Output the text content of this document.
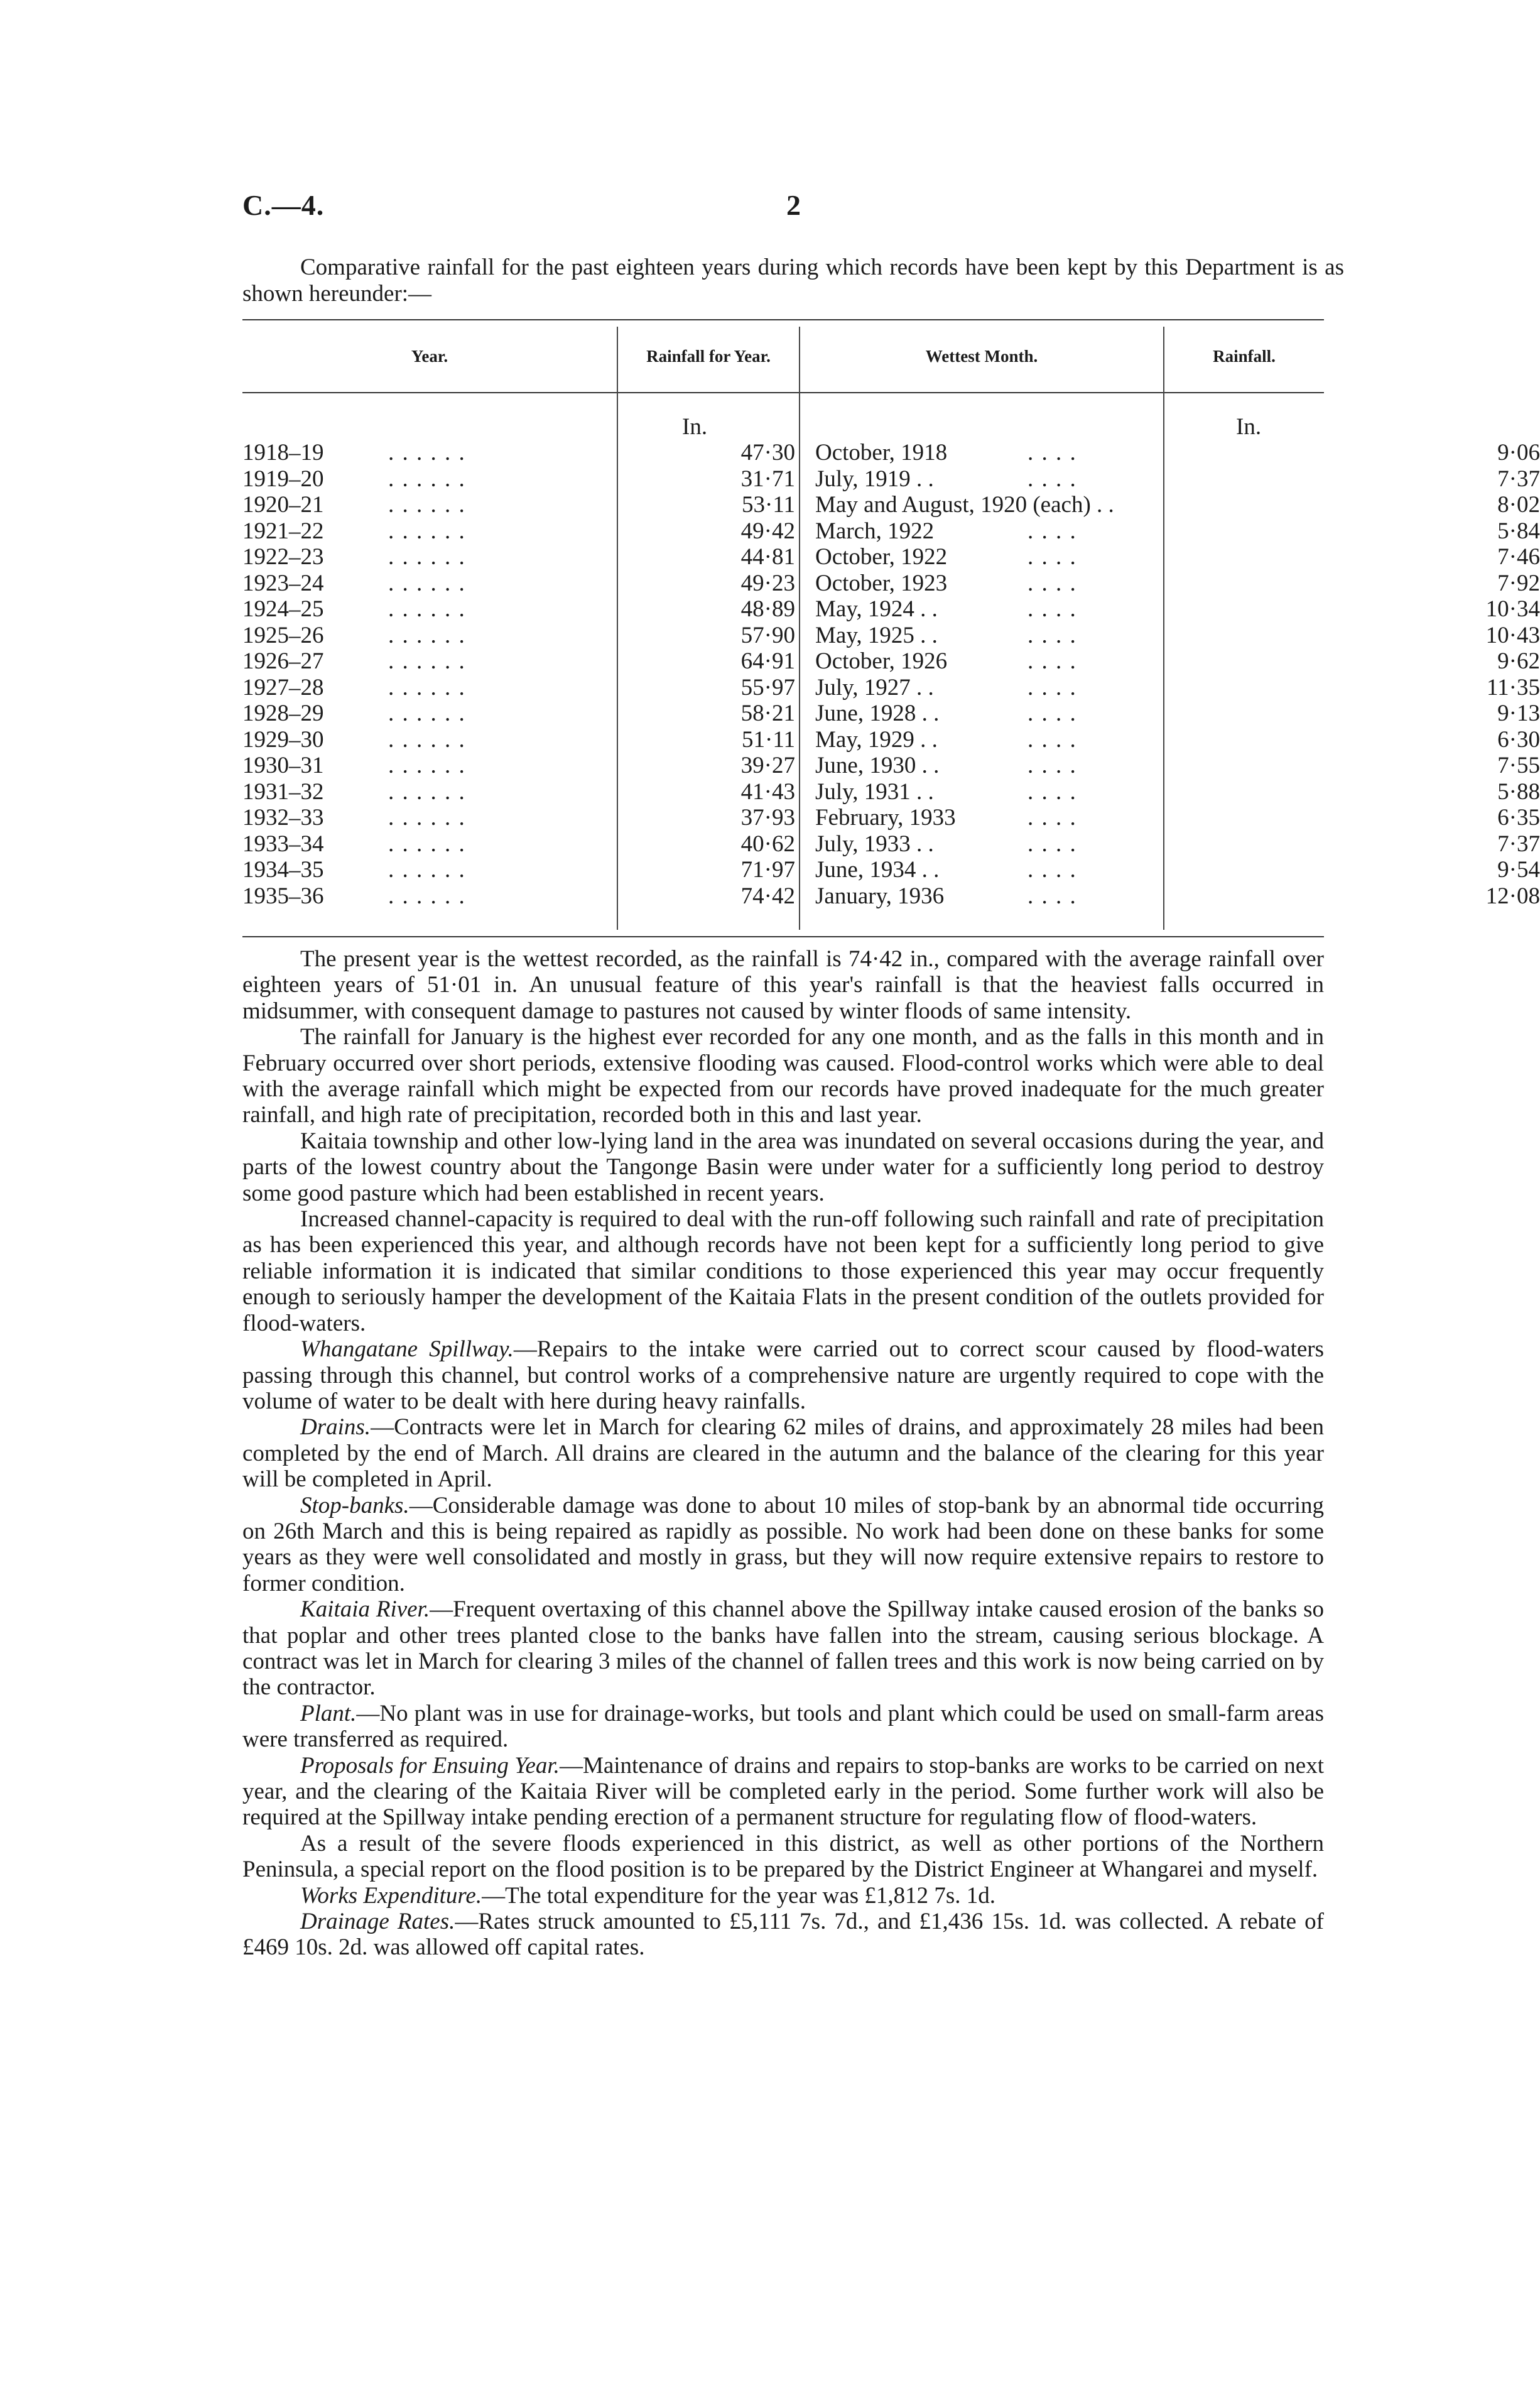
C.—4.	2
Comparative rainfall for the past eighteen years during which records have been kept by this Department is as shown hereunder:—
Year.	Rainfall for Year.	Wettest Month.	Rainfall.
In.	In.
1918–19	. . . . . .	47·30 October, 1918	. . . .	9·06
1919–20	. . . . . .	31·71 July, 1919 . .	. . . .	7·37
1920–21	. . . . . .	53·11 May and August, 1920 (each) . .	8·02
1921–22	. . . . . .	49·42 March, 1922	. . . .	5·84
1922–23	. . . . . .	44·81 October, 1922	. . . .	7·46
1923–24	. . . . . .	49·23 October, 1923	. . . .	7·92
1924–25	. . . . . .	48·89 May, 1924 . .	. . . .	10·34
1925–26	. . . . . .	57·90 May, 1925 . .	. . . .	10·43
1926–27	. . . . . .	64·91 October, 1926	. . . .	9·62
1927–28	. . . . . .	55·97 July, 1927 . .	. . . .	11·35
1928–29	. . . . . .	58·21 June, 1928 . .	. . . .	9·13
1929–30	. . . . . .	51·11 May, 1929 . .	. . . .	6·30
1930–31	. . . . . .	39·27 June, 1930 . .	. . . .	7·55
1931–32	. . . . . .	41·43 July, 1931 . .	. . . .	5·88
1932–33	. . . . . .	37·93 February, 1933	. . . .	6·35
1933–34	. . . . . .	40·62 July, 1933 . .	. . . .	7·37
1934–35	. . . . . .	71·97 June, 1934 . .	. . . .	9·54
1935–36	. . . . . .	74·42 January, 1936	. . . .	12·08

The present year is the wettest recorded, as the rainfall is 74·42 in., compared with the average rainfall over eighteen years of 51·01 in. An unusual feature of this year's rainfall is that the heaviest falls occurred in midsummer, with consequent damage to pastures not caused by winter floods of same intensity.

The rainfall for January is the highest ever recorded for any one month, and as the falls in this month and in February occurred over short periods, extensive flooding was caused. Flood-control works which were able to deal with the average rainfall which might be expected from our records have proved inadequate for the much greater rainfall, and high rate of precipitation, recorded both in this and last year.

Kaitaia township and other low-lying land in the area was inundated on several occasions during the year, and parts of the lowest country about the Tangonge Basin were under water for a sufficiently long period to destroy some good pasture which had been established in recent years.

Increased channel-capacity is required to deal with the run-off following such rainfall and rate of precipitation as has been experienced this year, and although records have not been kept for a sufficiently long period to give reliable information it is indicated that similar conditions to those experienced this year may occur frequently enough to seriously hamper the development of the Kaitaia Flats in the present condition of the outlets provided for flood-waters.

Whangatane Spillway.—Repairs to the intake were carried out to correct scour caused by flood-waters passing through this channel, but control works of a comprehensive nature are urgently required to cope with the volume of water to be dealt with here during heavy rainfalls.

Drains.—Contracts were let in March for clearing 62 miles of drains, and approximately 28 miles had been completed by the end of March. All drains are cleared in the autumn and the balance of the clearing for this year will be completed in April.

Stop-banks.—Considerable damage was done to about 10 miles of stop-bank by an abnormal tide occurring on 26th March and this is being repaired as rapidly as possible. No work had been done on these banks for some years as they were well consolidated and mostly in grass, but they will now require extensive repairs to restore to former condition.

Kaitaia River.—Frequent overtaxing of this channel above the Spillway intake caused erosion of the banks so that poplar and other trees planted close to the banks have fallen into the stream, causing serious blockage. A contract was let in March for clearing 3 miles of the channel of fallen trees and this work is now being carried on by the contractor.

Plant.—No plant was in use for drainage-works, but tools and plant which could be used on small-farm areas were transferred as required.

Proposals for Ensuing Year.—Maintenance of drains and repairs to stop-banks are works to be carried on next year, and the clearing of the Kaitaia River will be completed early in the period. Some further work will also be required at the Spillway intake pending erection of a permanent structure for regulating flow of flood-waters.

As a result of the severe floods experienced in this district, as well as other portions of the Northern Peninsula, a special report on the flood position is to be prepared by the District Engineer at Whangarei and myself.

Works Expenditure.—The total expenditure for the year was £1,812 7s. 1d.

Drainage Rates.—Rates struck amounted to £5,111 7s. 7d., and £1,436 15s. 1d. was collected. A rebate of £469 10s. 2d. was allowed off capital rates.
